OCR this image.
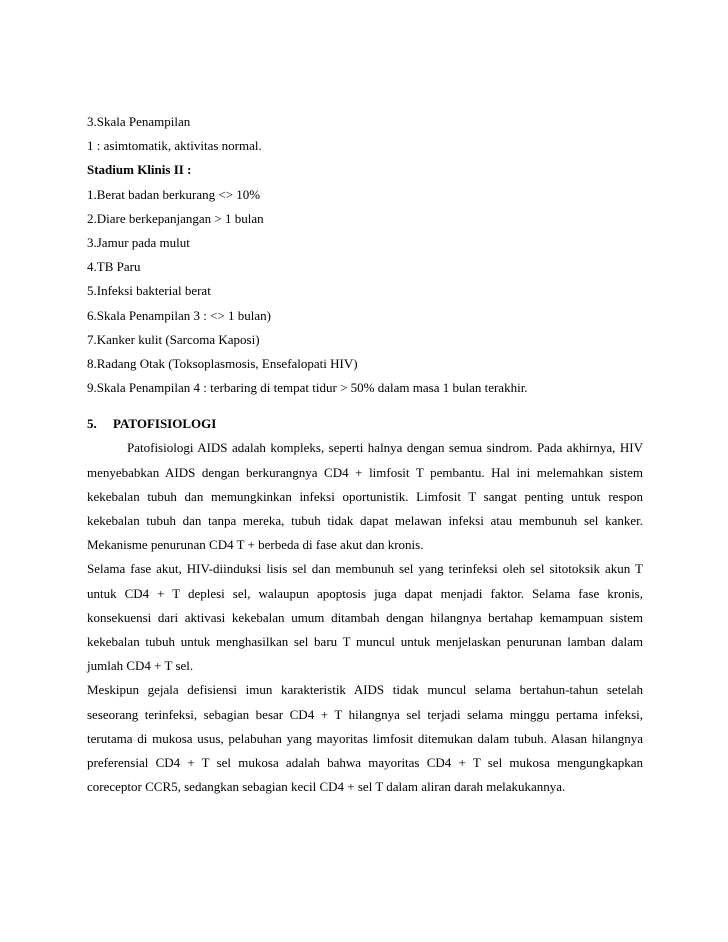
3.Skala Penampilan
1 : asimtomatik, aktivitas normal.
Stadium Klinis II :
1.Berat badan berkurang <> 10%
2.Diare berkepanjangan > 1 bulan
3.Jamur pada mulut
4.TB Paru
5.Infeksi bakterial berat
6.Skala Penampilan 3 : <> 1 bulan)
7.Kanker kulit (Sarcoma Kaposi)
8.Radang Otak (Toksoplasmosis, Ensefalopati HIV)
9.Skala Penampilan 4 : terbaring di tempat tidur > 50% dalam masa 1 bulan terakhir.
5. PATOFISIOLOGI

Patofisiologi AIDS adalah kompleks, seperti halnya dengan semua sindrom. Pada akhirnya, HIV menyebabkan AIDS dengan berkurangnya CD4 + limfosit T pembantu. Hal ini melemahkan sistem kekebalan tubuh dan memungkinkan infeksi oportunistik. Limfosit T sangat penting untuk respon kekebalan tubuh dan tanpa mereka, tubuh tidak dapat melawan infeksi atau membunuh sel kanker. Mekanisme penurunan CD4 T + berbeda di fase akut dan kronis.

Selama fase akut, HIV-diinduksi lisis sel dan membunuh sel yang terinfeksi oleh sel sitotoksik akun T untuk CD4 + T deplesi sel, walaupun apoptosis juga dapat menjadi faktor. Selama fase kronis, konsekuensi dari aktivasi kekebalan umum ditambah dengan hilangnya bertahap kemampuan sistem kekebalan tubuh untuk menghasilkan sel baru T muncul untuk menjelaskan penurunan lamban dalam jumlah CD4 + T sel.

Meskipun gejala defisiensi imun karakteristik AIDS tidak muncul selama bertahun-tahun setelah seseorang terinfeksi, sebagian besar CD4 + T hilangnya sel terjadi selama minggu pertama infeksi, terutama di mukosa usus, pelabuhan yang mayoritas limfosit ditemukan dalam tubuh. Alasan hilangnya preferensial CD4 + T sel mukosa adalah bahwa mayoritas CD4 + T sel mukosa mengungkapkan coreceptor CCR5, sedangkan sebagian kecil CD4 + sel T dalam aliran darah melakukannya.
